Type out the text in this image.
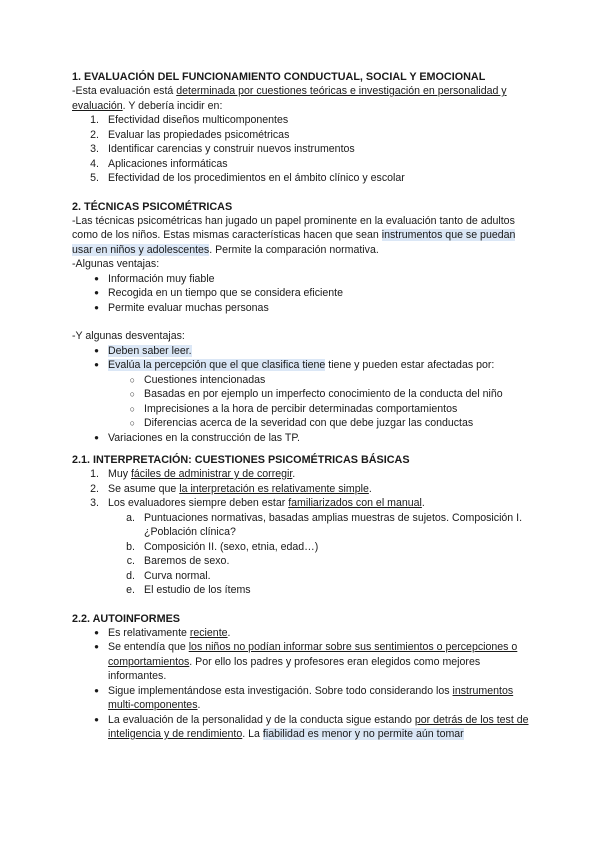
1. EVALUACIÓN DEL FUNCIONAMIENTO CONDUCTUAL, SOCIAL Y EMOCIONAL
-Esta evaluación está determinada por cuestiones teóricas e investigación en personalidad y evaluación. Y debería incidir en:
1. Efectividad diseños multicomponentes
2. Evaluar las propiedades psicométricas
3. Identificar carencias y construir nuevos instrumentos
4. Aplicaciones informáticas
5. Efectividad de los procedimientos en el ámbito clínico y escolar
2. TÉCNICAS PSICOMÉTRICAS
-Las técnicas psicométricas han jugado un papel prominente en la evaluación tanto de adultos como de los niños. Estas mismas características hacen que sean instrumentos que se puedan usar en niños y adolescentes. Permite la comparación normativa.
-Algunas ventajas:
● Información muy fiable
● Recogida en un tiempo que se considera eficiente
● Permite evaluar muchas personas
-Y algunas desventajas:
● Deben saber leer.
● Evalúa la percepción que el que clasifica tiene tiene y pueden estar afectadas por:
○ Cuestiones intencionadas
○ Basadas en por ejemplo un imperfecto conocimiento de la conducta del niño
○ Imprecisiones a la hora de percibir determinadas comportamientos
○ Diferencias acerca de la severidad con que debe juzgar las conductas
● Variaciones en la construcción de las TP.
2.1. INTERPRETACIÓN: CUESTIONES PSICOMÉTRICAS BÁSICAS
1. Muy fáciles de administrar y de corregir.
2. Se asume que la interpretación es relativamente simple.
3. Los evaluadores siempre deben estar familiarizados con el manual.
a. Puntuaciones normativas, basadas amplias muestras de sujetos. Composición I. ¿Población clínica?
b. Composición II. (sexo, etnia, edad…)
c. Baremos de sexo.
d. Curva normal.
e. El estudio de los ítems
2.2. AUTOINFORMES
● Es relativamente reciente.
● Se entendía que los niños no podían informar sobre sus sentimientos o percepciones o comportamientos. Por ello los padres y profesores eran elegidos como mejores informantes.
● Sigue implementándose esta investigación. Sobre todo considerando los instrumentos multi-componentes.
● La evaluación de la personalidad y de la conducta sigue estando por detrás de los test de inteligencia y de rendimiento. La fiabilidad es menor y no permite aún tomar
